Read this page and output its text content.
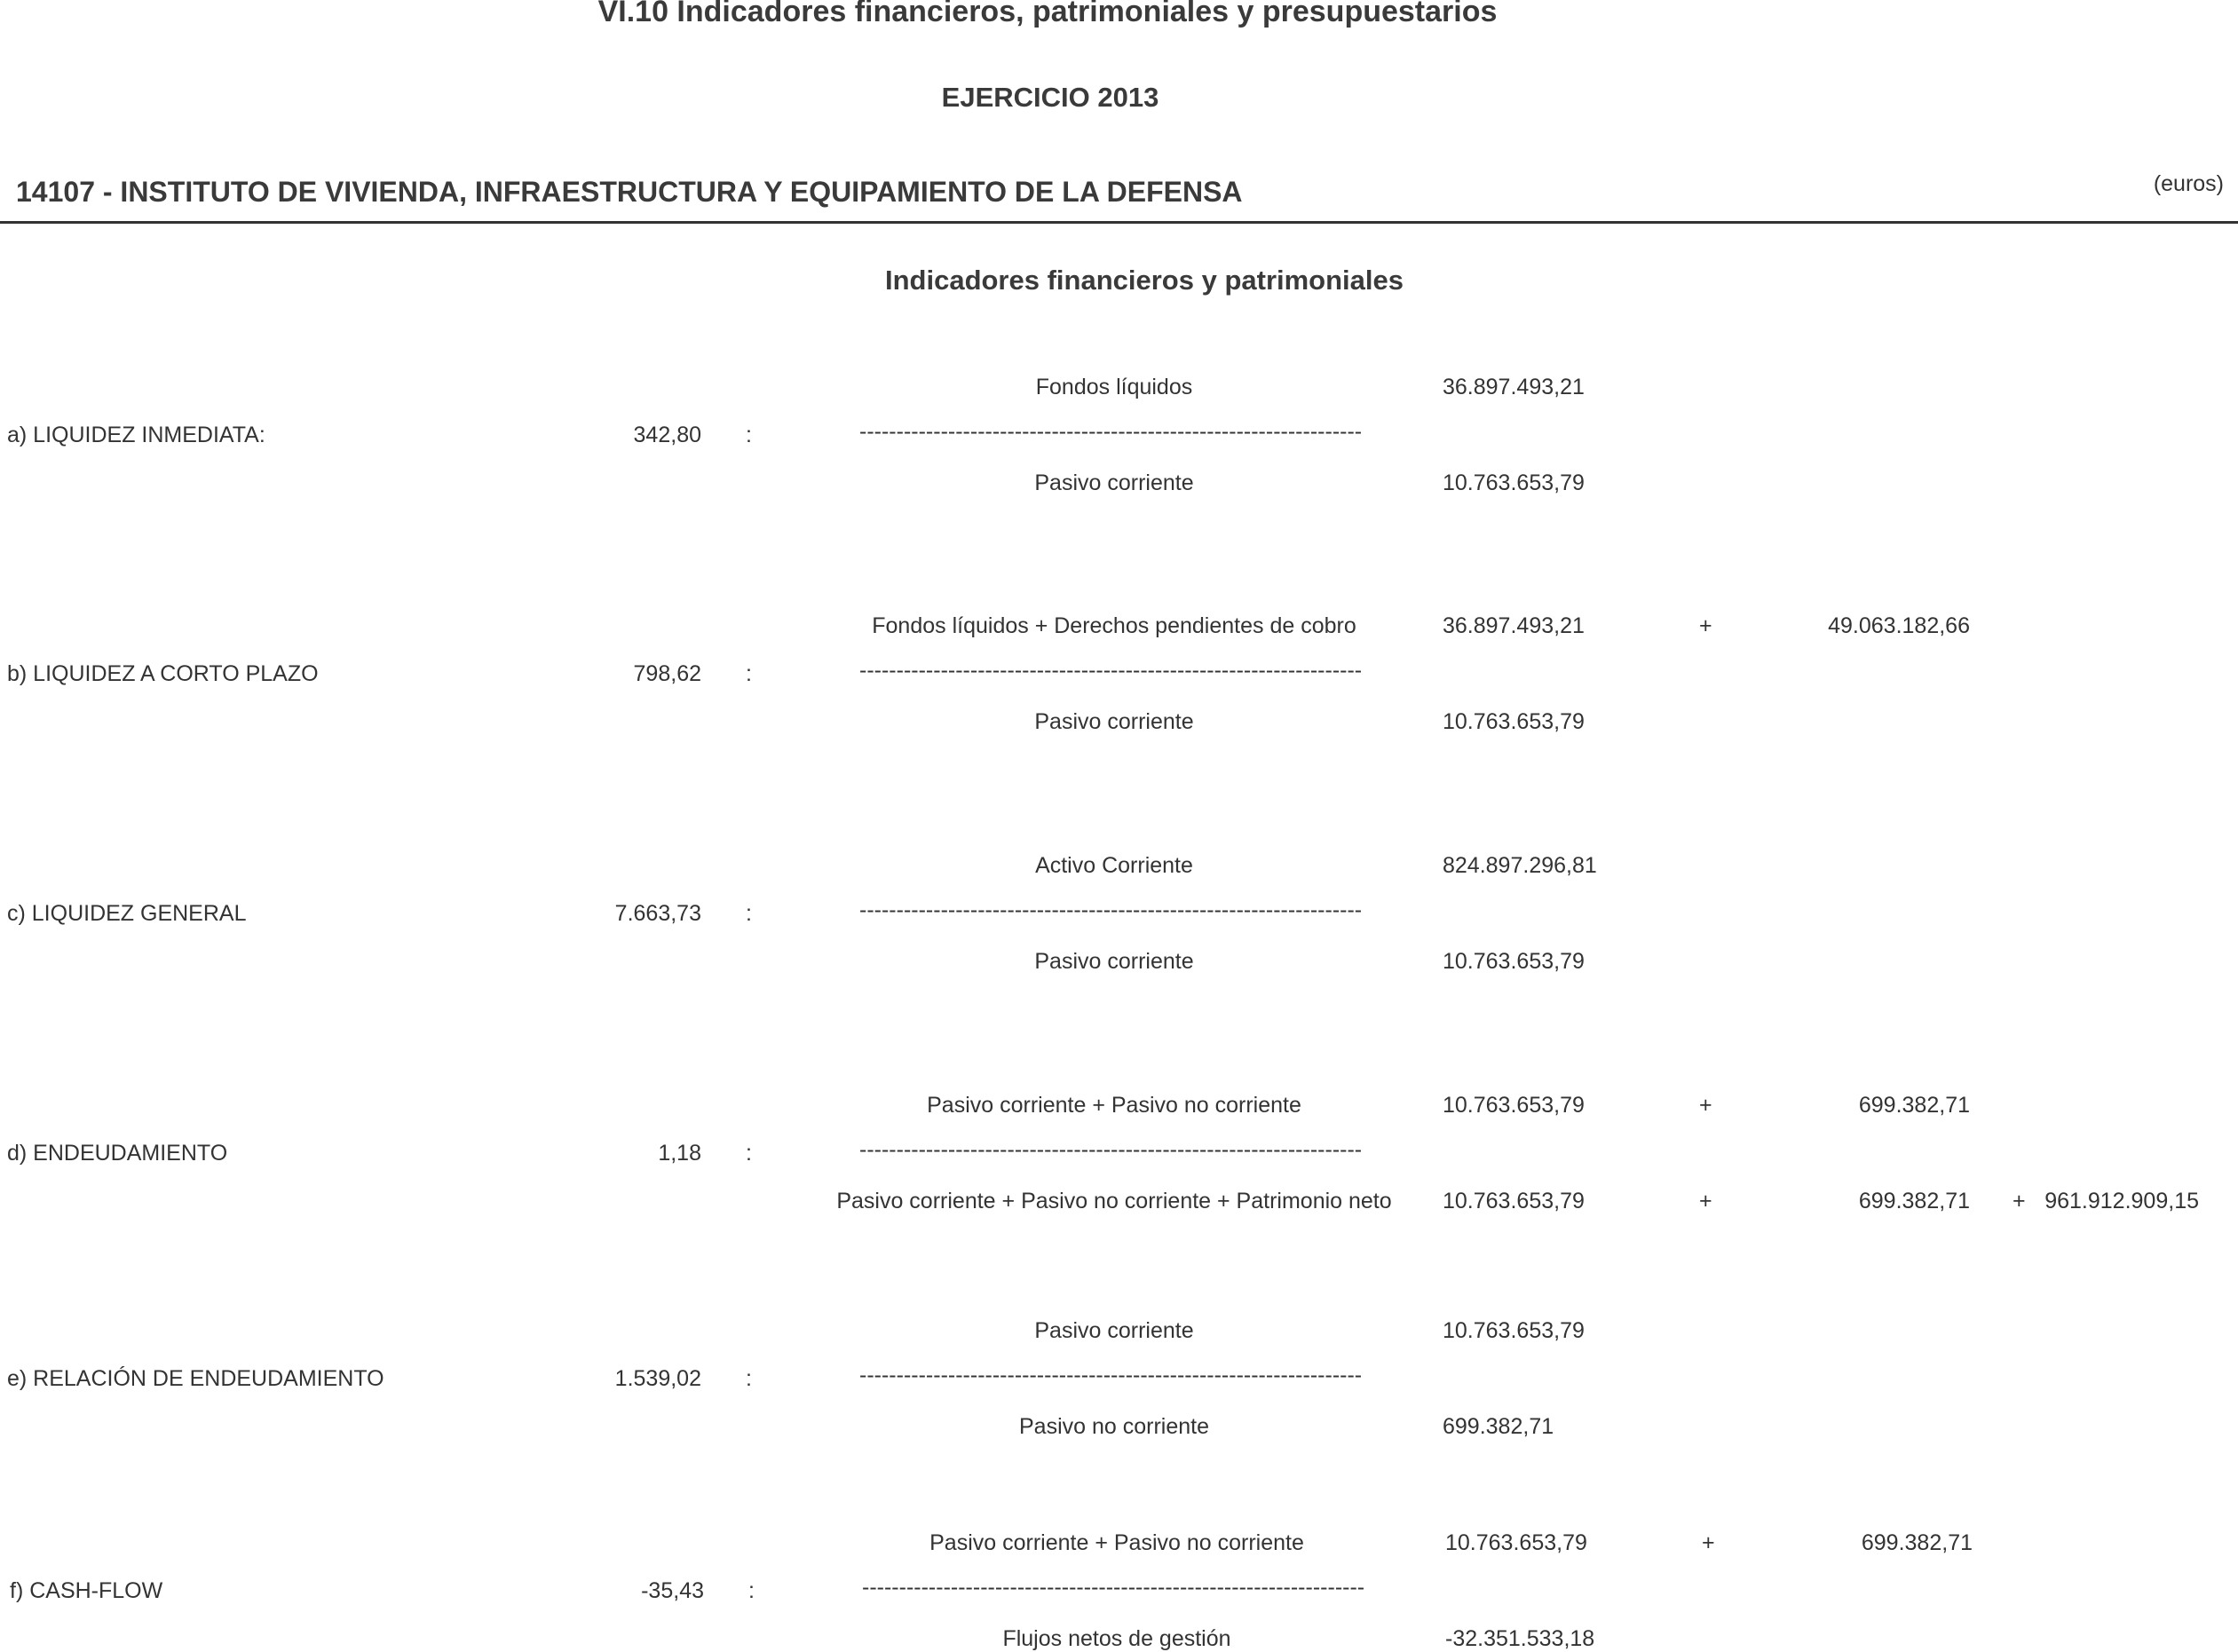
VI.10 Indicadores financieros, patrimoniales y presupuestarios
EJERCICIO 2013
14107 - INSTITUTO DE VIVIENDA, INFRAESTRUCTURA Y EQUIPAMIENTO DE LA DEFENSA	(euros)
Indicadores financieros y patrimoniales
Fondos líquidos	36.897.493,21
a) LIQUIDEZ INMEDIATA:	342,80 :	--------------------------------------------------------------------
Pasivo corriente	10.763.653,79
Fondos líquidos + Derechos pendientes de cobro	36.897.493,21	+	49.063.182,66
b) LIQUIDEZ A CORTO PLAZO	798,62 :	--------------------------------------------------------------------
Pasivo corriente	10.763.653,79
Activo Corriente	824.897.296,81
c) LIQUIDEZ GENERAL	7.663,73 :	--------------------------------------------------------------------
Pasivo corriente	10.763.653,79
Pasivo corriente + Pasivo no corriente	10.763.653,79	+	699.382,71
d) ENDEUDAMIENTO	1,18 :	--------------------------------------------------------------------
Pasivo corriente + Pasivo no corriente + Patrimonio neto	10.763.653,79	+	699.382,71 + 961.912.909,15
Pasivo corriente	10.763.653,79
e) RELACIÓN DE ENDEUDAMIENTO	1.539,02 :	--------------------------------------------------------------------
Pasivo no corriente	699.382,71
Pasivo corriente + Pasivo no corriente	10.763.653,79	+	699.382,71
f) CASH-FLOW	-35,43 :	--------------------------------------------------------------------
Flujos netos de gestión	-32.351.533,18
